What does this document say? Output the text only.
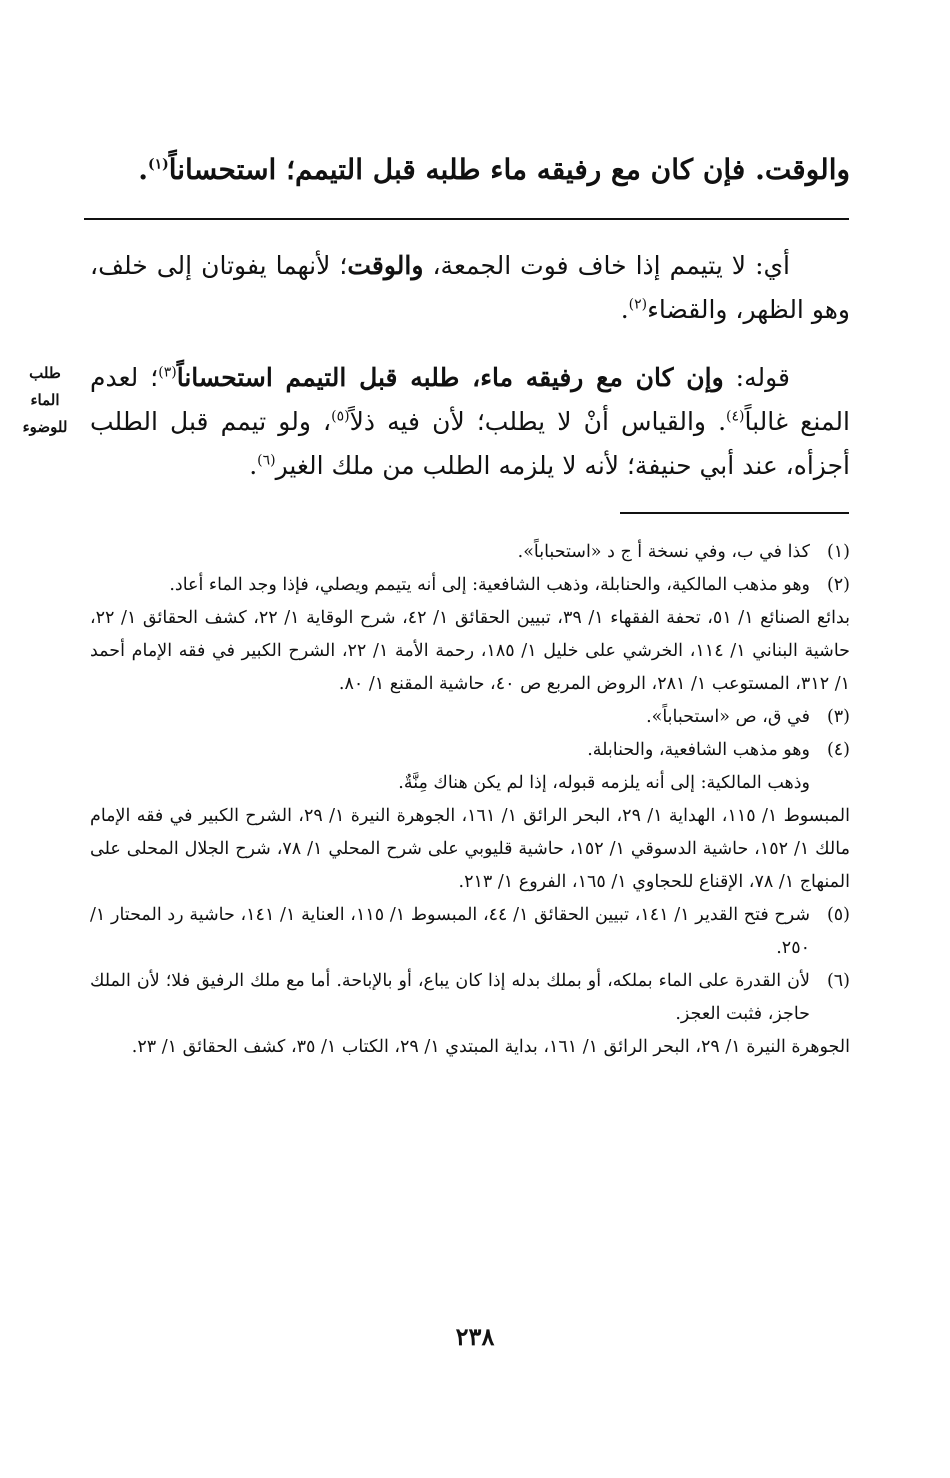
والوقت. فإن كان مع رفيقه ماء طلبه قبل التيمم؛ استحساناً$^{(١)}$.

أي: لا يتيمم إذا خاف فوت الجمعة، والوقت؛ لأنهما يفوتان إلى خلف، وهو الظهر، والقضاء$^{(٢)}$.

قوله: وإن كان مع رفيقه ماء، طلبه قبل التيمم استحساناً$^{(٣)}$؛ لعدم المنع غالباً$^{(٤)}$. والقياس أنْ لا يطلب؛ لأن فيه ذلاً$^{(٥)}$، ولو تيمم قبل الطلب أجزأه، عند أبي حنيفة؛ لأنه لا يلزمه الطلب من ملك الغير$^{(٦)}$.

طلب
الماء
للوضوء
(١)

كذا في ب، وفي نسخة أ ج د «استحباباً».

(٢)

وهو مذهب المالكية، والحنابلة، وذهب الشافعية: إلى أنه يتيمم ويصلي، فإذا وجد الماء أعاد.

بدائع الصنائع ١/ ٥١، تحفة الفقهاء ١/ ٣٩، تبيين الحقائق ١/ ٤٢، شرح الوقاية ١/ ٢٢، كشف الحقائق ١/ ٢٢، حاشية البناني ١/ ١١٤، الخرشي على خليل ١/ ١٨٥، رحمة الأمة ١/ ٢٢، الشرح الكبير في فقه الإمام أحمد ١/ ٣١٢، المستوعب ١/ ٢٨١، الروض المربع ص ٤٠، حاشية المقنع ١/ ٨٠.

(٣)

في ق، ص «استحباباً».

(٤)

وهو مذهب الشافعية، والحنابلة.

وذهب المالكية: إلى أنه يلزمه قبوله، إذا لم يكن هناك مِنَّةٌ.

المبسوط ١/ ١١٥، الهداية ١/ ٢٩، البحر الرائق ١/ ١٦١، الجوهرة النيرة ١/ ٢٩، الشرح الكبير في فقه الإمام مالك ١/ ١٥٢، حاشية الدسوقي ١/ ١٥٢، حاشية قليوبي على شرح المحلي ١/ ٧٨، شرح الجلال المحلى على المنهاج ١/ ٧٨، الإقناع للحجاوي ١/ ١٦٥، الفروع ١/ ٢١٣.

(٥)

شرح فتح القدير ١/ ١٤١، تبيين الحقائق ١/ ٤٤، المبسوط ١/ ١١٥، العناية ١/ ١٤١، حاشية رد المحتار ١/ ٢٥٠.

(٦)

لأن القدرة على الماء بملكه، أو بملك بدله إذا كان يباع، أو بالإباحة. أما مع ملك الرفيق فلا؛ لأن الملك حاجز، فثبت العجز.

الجوهرة النيرة ١/ ٢٩، البحر الرائق ١/ ١٦١، بداية المبتدي ١/ ٢٩، الكتاب ١/ ٣٥، كشف الحقائق ١/ ٢٣.

٢٣٨
